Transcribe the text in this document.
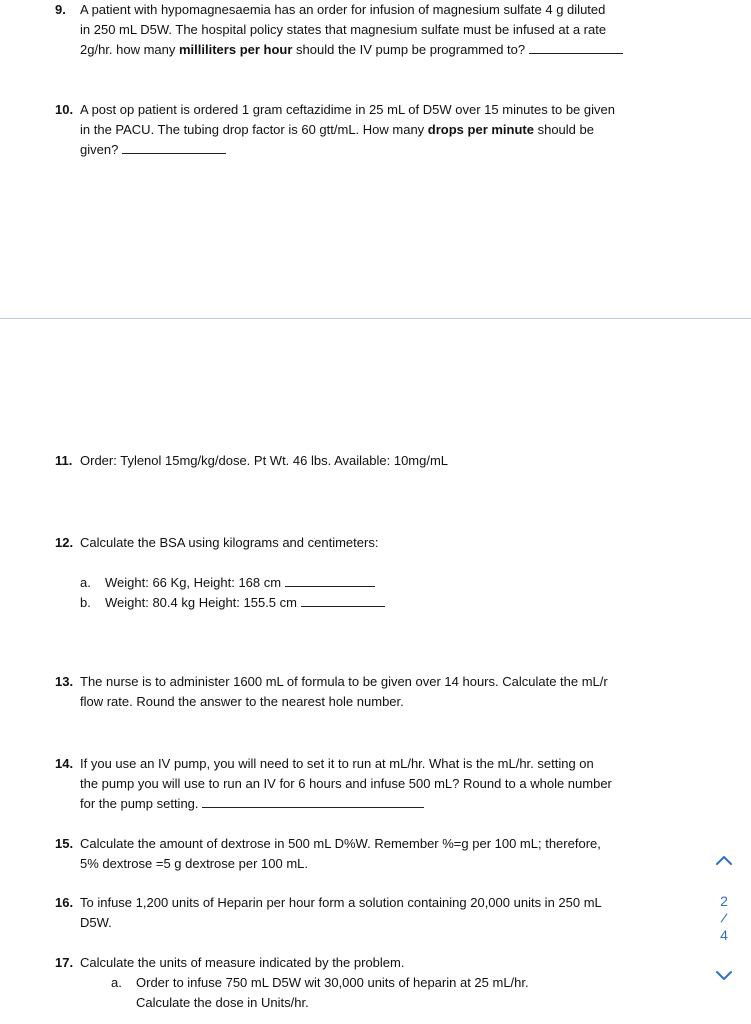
9. A patient with hypomagnesaemia has an order for infusion of magnesium sulfate 4 g diluted
in 250 mL D5W. The hospital policy states that magnesium sulfate must be infused at a rate
2g/hr. how many milliliters per hour should the IV pump be programmed to?
10. A post op patient is ordered 1 gram ceftazidime in 25 mL of D5W over 15 minutes to be given
in the PACU. The tubing drop factor is 60 gtt/mL. How many drops per minute should be
given?
11. Order: Tylenol 15mg/kg/dose. Pt Wt. 46 lbs. Available: 10mg/mL
12. Calculate the BSA using kilograms and centimeters:
a. Weight: 66 Kg, Height: 168 cm
b. Weight: 80.4 kg Height: 155.5 cm
13. The nurse is to administer 1600 mL of formula to be given over 14 hours. Calculate the mL/r
flow rate. Round the answer to the nearest hole number.
14. If you use an IV pump, you will need to set it to run at mL/hr. What is the mL/hr. setting on
the pump you will use to run an IV for 6 hours and infuse 500 mL? Round to a whole number
for the pump setting.
15. Calculate the amount of dextrose in 500 mL D%W. Remember %=g per 100 mL; therefore,
5% dextrose =5 g dextrose per 100 mL.
16. To infuse 1,200 units of Heparin per hour form a solution containing 20,000 units in 250 mL
D5W.
17. Calculate the units of measure indicated by the problem.
a. Order to infuse 750 mL D5W wit 30,000 units of heparin at 25 mL/hr.
Calculate the dose in Units/hr.
2
/
4
